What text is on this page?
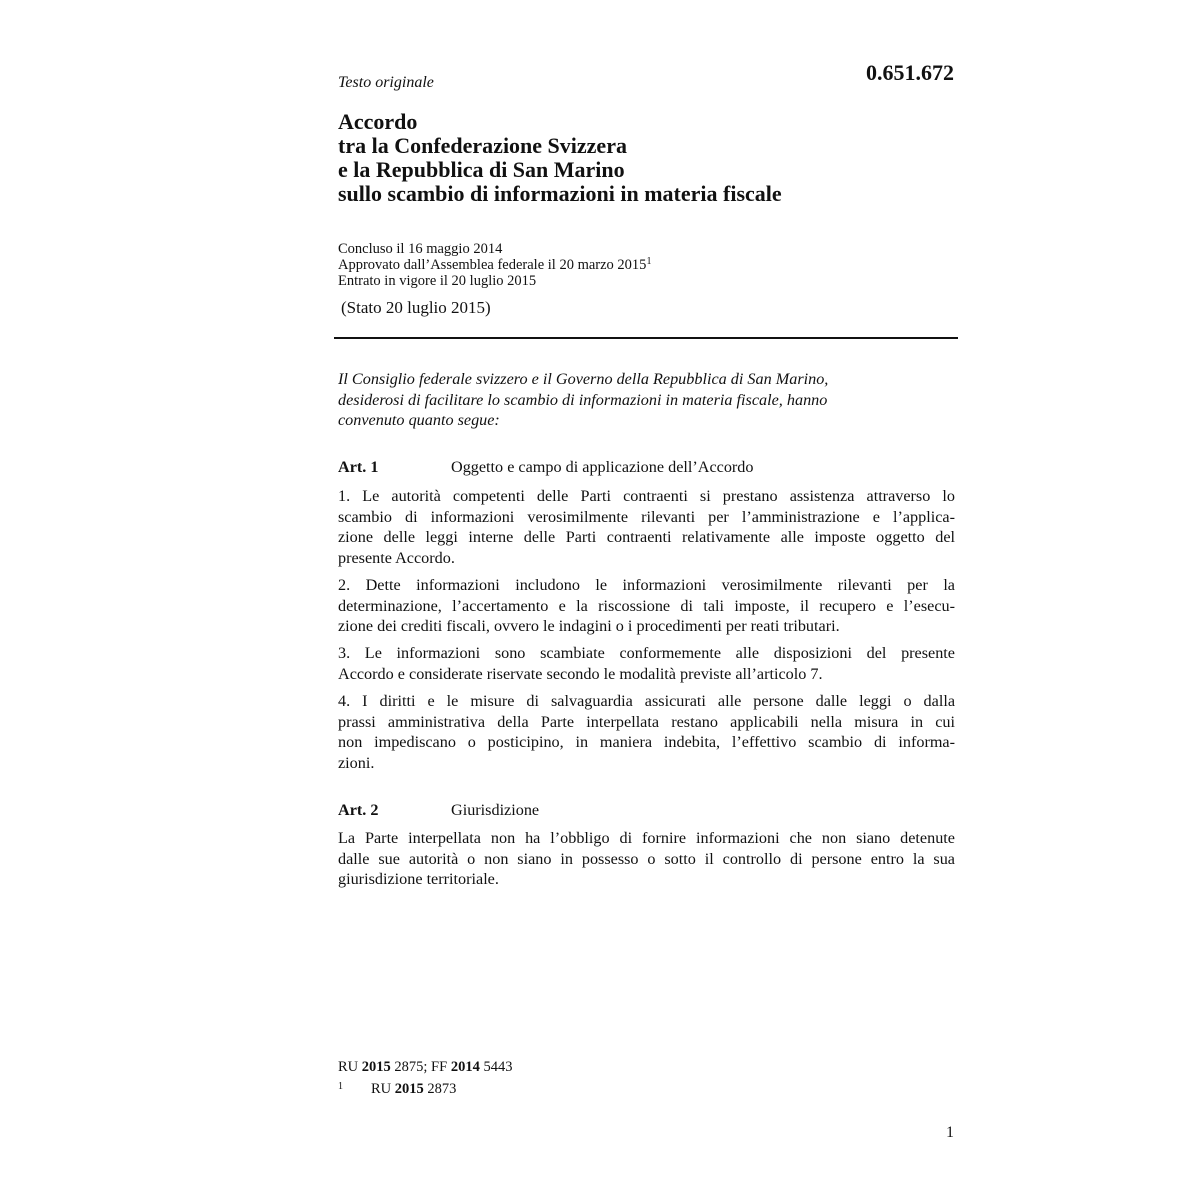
0.651.672
Testo originale
Accordo
tra la Confederazione Svizzera
e la Repubblica di San Marino
sullo scambio di informazioni in materia fiscale
Concluso il 16 maggio 2014
Approvato dall’Assemblea federale il 20 marzo 2015$^1$
Entrato in vigore il 20 luglio 2015
(Stato 20 luglio 2015)
Il Consiglio federale svizzero e il Governo della Repubblica di San Marino,
desiderosi di facilitare lo scambio di informazioni in materia fiscale, hanno
convenuto quanto segue:
Art. 1	Oggetto e campo di applicazione dell’Accordo
1. Le autorità competenti delle Parti contraenti si prestano assistenza attraverso lo
scambio di informazioni verosimilmente rilevanti per l’amministrazione e l’applica-
zione delle leggi interne delle Parti contraenti relativamente alle imposte oggetto del
presente Accordo.
2. Dette informazioni includono le informazioni verosimilmente rilevanti per la
determinazione, l’accertamento e la riscossione di tali imposte, il recupero e l’esecu-
zione dei crediti fiscali, ovvero le indagini o i procedimenti per reati tributari.
3. Le informazioni sono scambiate conformemente alle disposizioni del presente
Accordo e considerate riservate secondo le modalità previste all’articolo 7.
4. I diritti e le misure di salvaguardia assicurati alle persone dalle leggi o dalla
prassi amministrativa della Parte interpellata restano applicabili nella misura in cui
non impediscano o posticipino, in maniera indebita, l’effettivo scambio di informa-
zioni.
Art. 2	Giurisdizione
La Parte interpellata non ha l’obbligo di fornire informazioni che non siano detenute
dalle sue autorità o non siano in possesso o sotto il controllo di persone entro la sua
giurisdizione territoriale.
RU 2015 2875; FF 2014 5443
1 RU 2015 2873
1
